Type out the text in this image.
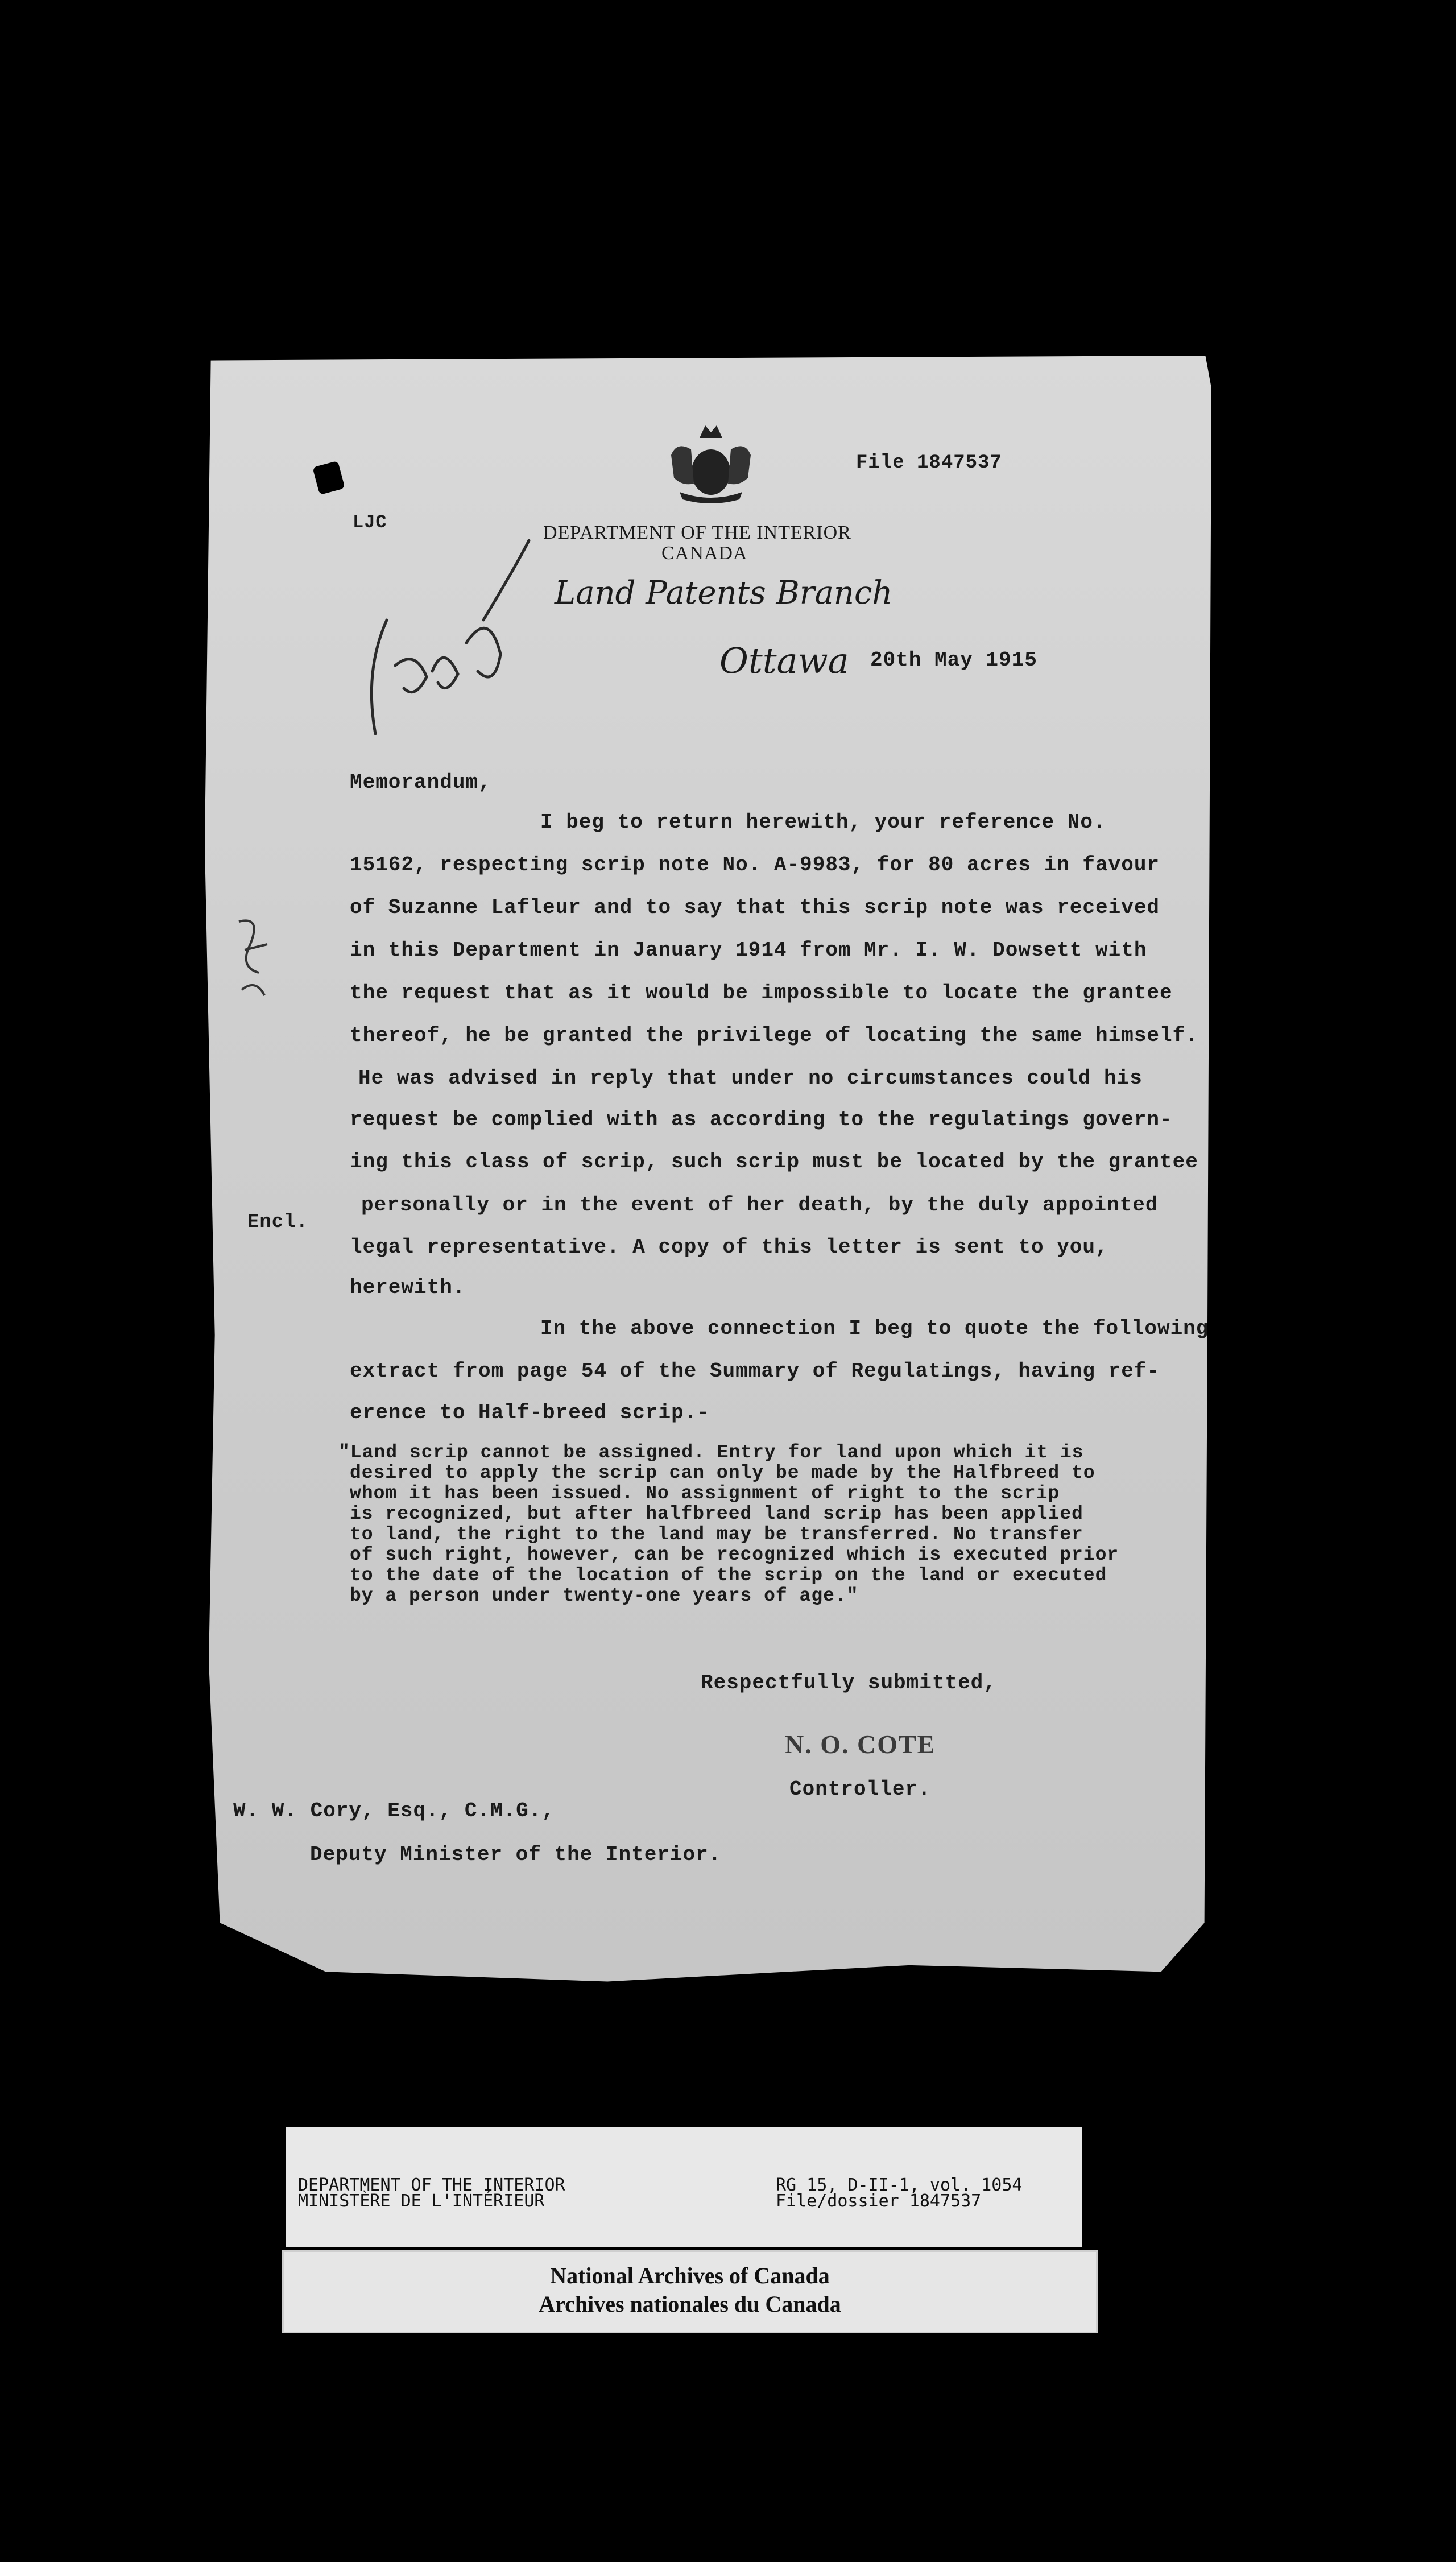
File 1847537
LJC	DEPARTMENT OF THE INTERIOR
CANADA
Land Patents Branch
Ottawa 20th May 1915
Encl.
Memorandum,
I beg to return herewith, your reference No.
15162, respecting scrip note No. A-9983, for 80 acres in favour
of Suzanne Lafleur and to say that this scrip note was received
in this Department in January 1914 from Mr. I. W. Dowsett with
the request that as it would be impossible to locate the grantee
thereof, he be granted the privilege of locating the same himself.
He was advised in reply that under no circumstances could his
request be complied with as according to the regulatings govern-
ing this class of scrip, such scrip must be located by the grantee
personally or in the event of her death, by the duly appointed
legal representative. A copy of this letter is sent to you,
herewith.
In the above connection I beg to quote the following
extract from page 54 of the Summary of Regulatings, having ref-
erence to Half-breed scrip.-
"Land scrip cannot be assigned. Entry for land upon which it is
desired to apply the scrip can only be made by the Halfbreed to
whom it has been issued. No assignment of right to the scrip
is recognized, but after halfbreed land scrip has been applied
to land, the right to the land may be transferred. No transfer
of such right, however, can be recognized which is executed prior
to the date of the location of the scrip on the land or executed
by a person under twenty-one years of age."
Respectfully submitted,
N. O. COTE
Controller.
W. W. Cory, Esq., C.M.G.,
Deputy Minister of the Interior.
DEPARTMENT OF THE INTERIOR
MINISTÈRE DE L'INTÉRIEUR
RG 15, D-II-1, vol. 1054
File/dossier 1847537
National Archives of Canada
Archives nationales du Canada
